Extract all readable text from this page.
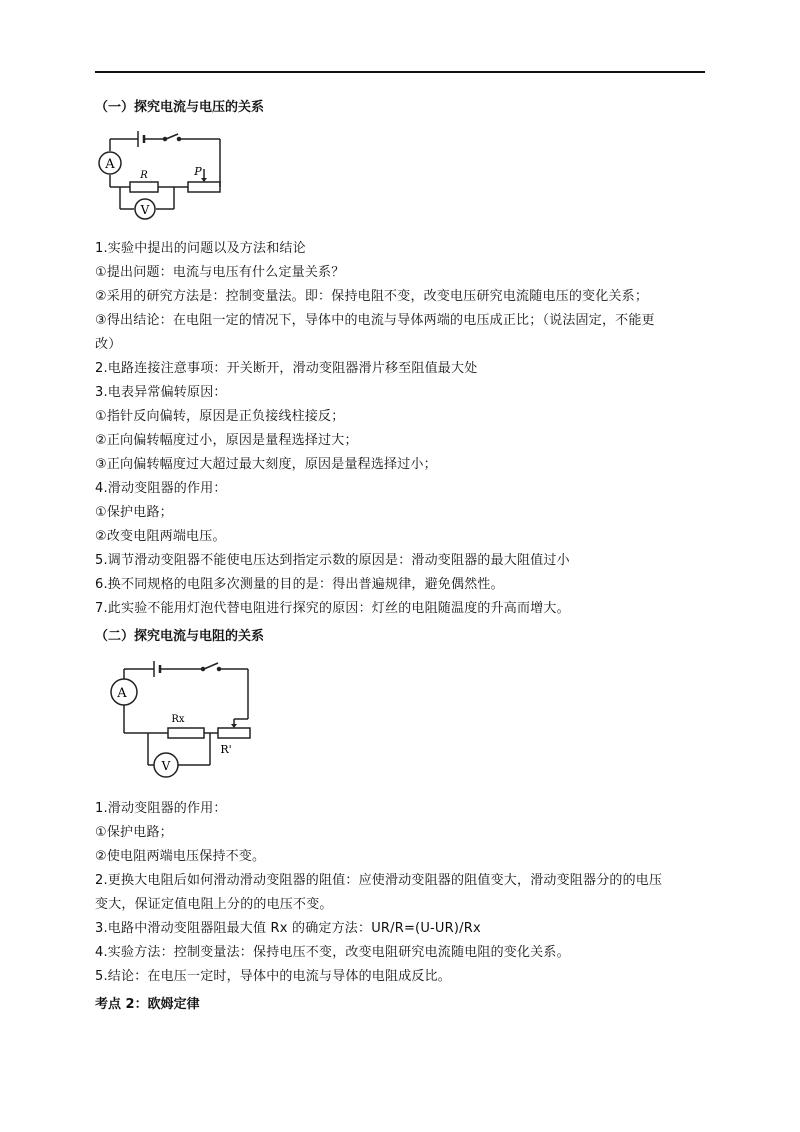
（一）探究电流与电压的关系
A
V
R	P
1.实验中提出的问题以及方法和结论
①提出问题：电流与电压有什么定量关系？
②采用的研究方法是：控制变量法。即：保持电阻不变，改变电压研究电流随电压的变化关系；
③得出结论：在电阻一定的情况下，导体中的电流与导体两端的电压成正比；（说法固定，不能更
改）
2.电路连接注意事项：开关断开，滑动变阻器滑片移至阻值最大处
3.电表异常偏转原因：
①指针反向偏转，原因是正负接线柱接反；
②正向偏转幅度过小，原因是量程选择过大；
③正向偏转幅度过大超过最大刻度，原因是量程选择过小；
4.滑动变阻器的作用：
①保护电路；
②改变电阻两端电压。
5.调节滑动变阻器不能使电压达到指定示数的原因是：滑动变阻器的最大阻值过小
6.换不同规格的电阻多次测量的目的是：得出普遍规律，避免偶然性。
7.此实验不能用灯泡代替电阻进行探究的原因：灯丝的电阻随温度的升高而增大。
（二）探究电流与电阻的关系
A
V
Rx
R'
1.滑动变阻器的作用：
①保护电路；
②使电阻两端电压保持不变。
2.更换大电阻后如何滑动滑动变阻器的阻值：应使滑动变阻器的阻值变大，滑动变阻器分的的电压
变大，保证定值电阻上分的的电压不变。
3.电路中滑动变阻器阻最大值 Rx 的确定方法：UR/R=(U-UR)/Rx
4.实验方法：控制变量法：保持电压不变，改变电阻研究电流随电阻的变化关系。
5.结论：在电压一定时，导体中的电流与导体的电阻成反比。
考点 2：欧姆定律
